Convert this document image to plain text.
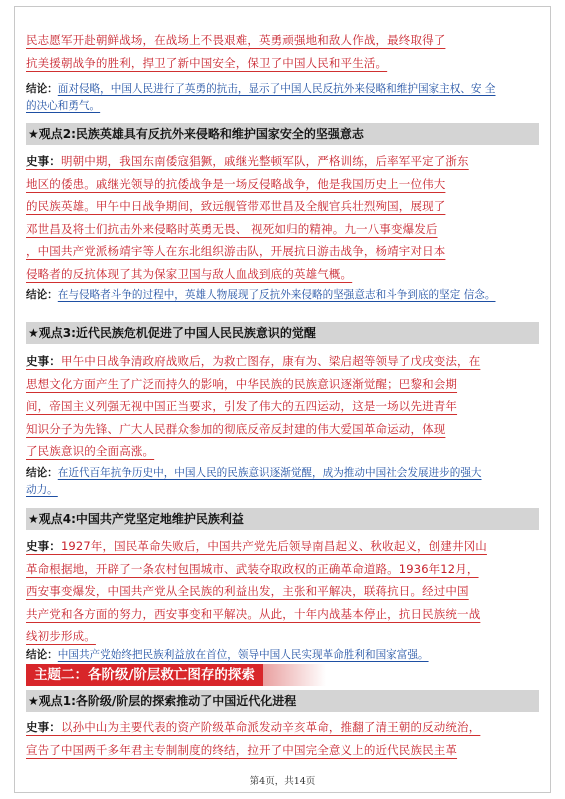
民志愿军开赴朝鲜战场，在战场上不畏艰难，英勇顽强地和敌人作战，最终取得了

抗美援朝战争的胜利，捍卫了新中国安全，保卫了中国人民和平生活。

结论：面对侵略，中国人民进行了英勇的抗击，显示了中国人民反抗外来侵略和维护国家主权、安 全

的决心和勇气。

★观点2:民族英雄具有反抗外来侵略和维护国家安全的坚强意志

史事：明朝中期，我国东南倭寇猖獗，戚继光整顿军队，严格训练，后率军平定了浙东

地区的倭患。戚继光领导的抗倭战争是一场反侵略战争，他是我国历史上一位伟大

的民族英雄。甲午中日战争期间，致远舰管带邓世昌及全舰官兵壮烈殉国，展现了

邓世昌及将士们抗击外来侵略时英勇无畏、 视死如归的精神。九一八事变爆发后

，中国共产党派杨靖宇等人在东北组织游击队，开展抗日游击战争，杨靖宇对日本

侵略者的反抗体现了其为保家卫国与敌人血战到底的英雄气概。

结论：在与侵略者斗争的过程中，英雄人物展现了反抗外来侵略的坚强意志和斗争到底的坚定 信念。

★观点3:近代民族危机促进了中国人民民族意识的觉醒

史事：甲午中日战争清政府战败后，为救亡图存，康有为、梁启超等领导了戊戌变法，在

思想文化方面产生了广泛而持久的影响，中华民族的民族意识逐渐觉醒；巴黎和会期

间，帝国主义列强无视中国正当要求，引发了伟大的五四运动，这是一场以先进青年

知识分子为先锋、广大人民群众参加的彻底反帝反封建的伟大爱国革命运动，体现

了民族意识的全面高涨。

结论：在近代百年抗争历史中，中国人民的民族意识逐渐觉醒，成为推动中国社会发展进步的强大

动力。

★观点4:中国共产党坚定地维护民族利益

史事：1927年，国民革命失败后，中国共产党先后领导南昌起义、秋收起义，创建井冈山

革命根据地，开辟了一条农村包围城市、武装夺取政权的正确革命道路。1936年12月，

西安事变爆发，中国共产党从全民族的利益出发，主张和平解决，联蒋抗日。经过中国

共产党和各方面的努力，西安事变和平解决。从此，十年内战基本停止，抗日民族统一战

线初步形成。

结论：中国共产党始终把民族利益放在首位，领导中国人民实现革命胜利和国家富强。

主题二：各阶级/阶层救亡图存的探索
★观点1:各阶级/阶层的探索推动了中国近代化进程

史事：以孙中山为主要代表的资产阶级革命派发动辛亥革命，推翻了清王朝的反动统治，

宣告了中国两千多年君主专制制度的终结，拉开了中国完全意义上的近代民族民主革

第4页，共14页
